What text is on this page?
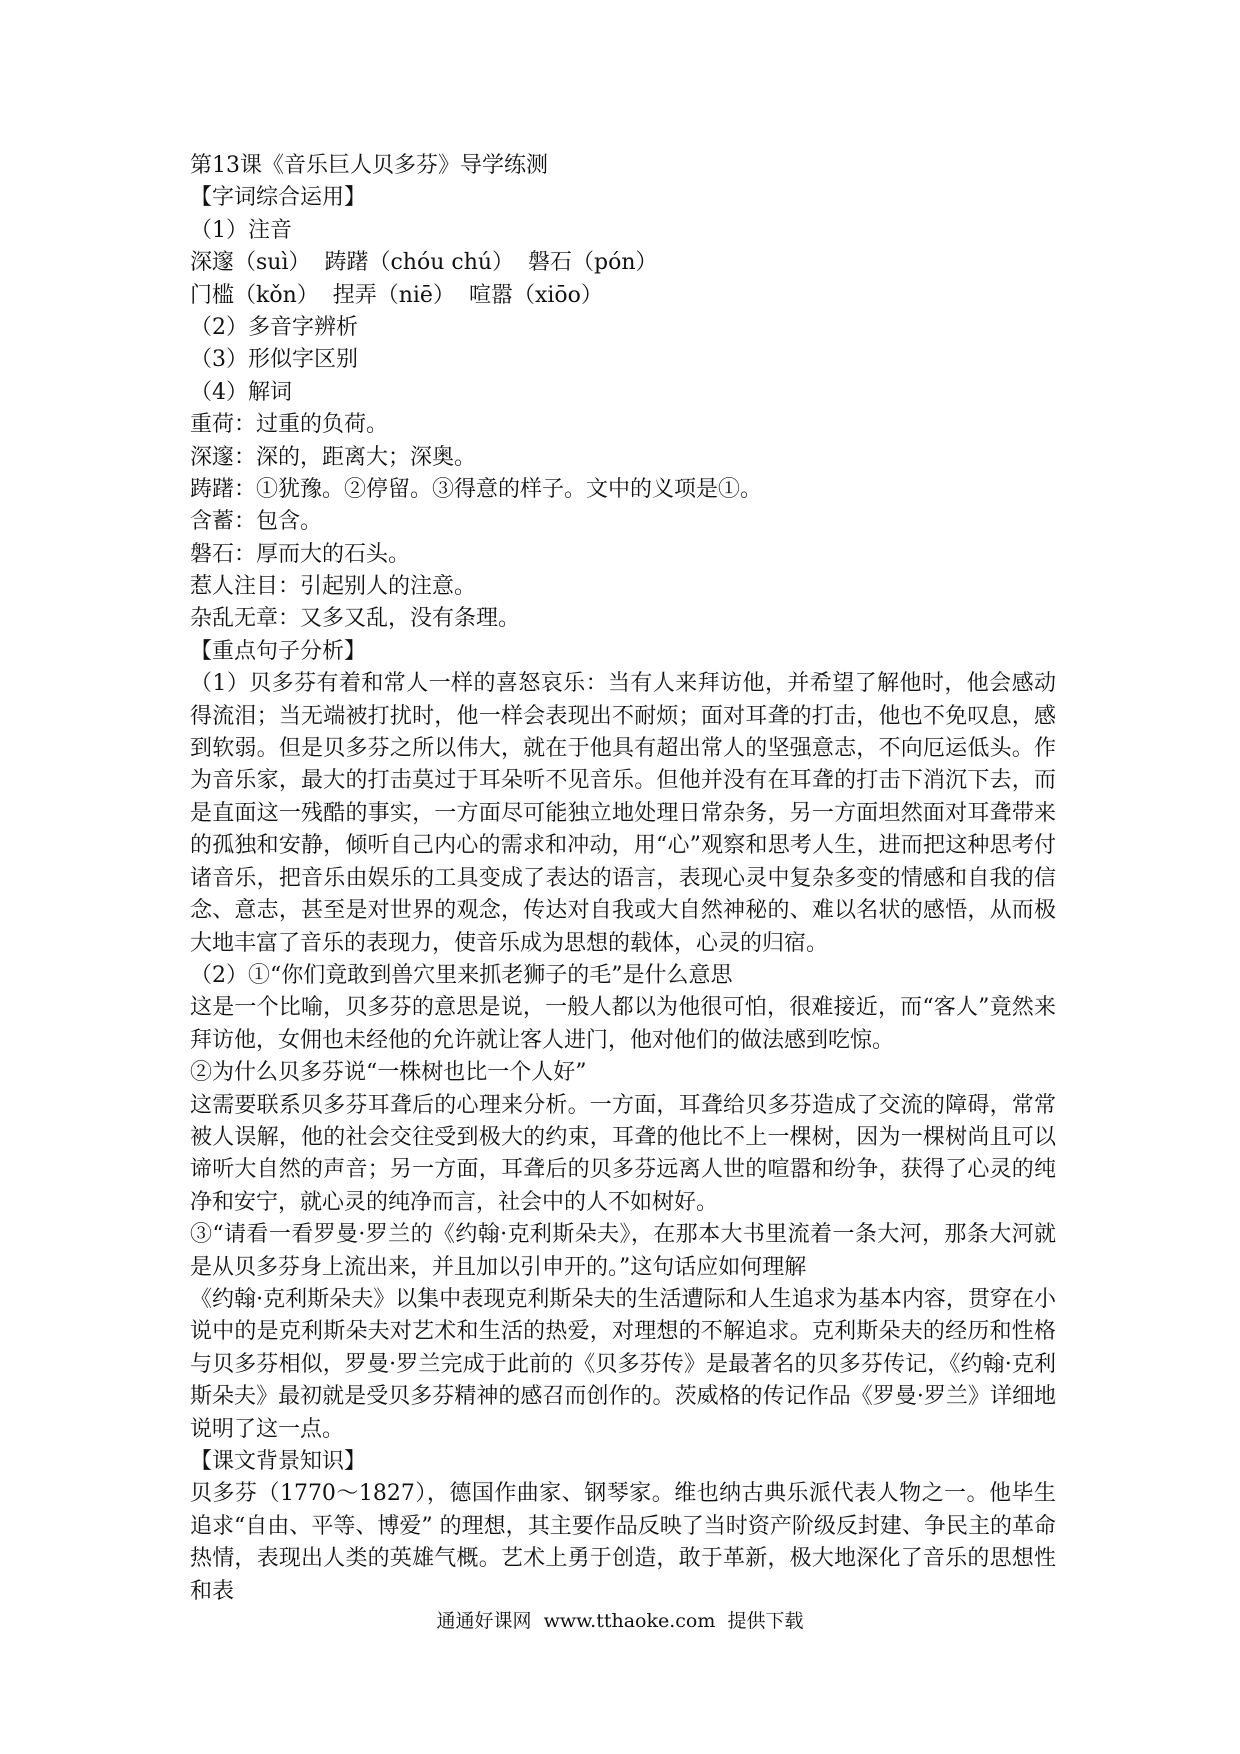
第13课《音乐巨人贝多芬》导学练测
【字词综合运用】
（1）注音
深邃（suì）  踌躇（chóu chú）  磐石（pón）
门槛（kǒn）  捏弄（niē）  喧嚣（xiōo）
（2）多音字辨析
（3）形似字区别
（4）解词
重荷：过重的负荷。
深邃：深的，距离大；深奥。
踌躇：①犹豫。②停留。③得意的样子。文中的义项是①。
含蓄：包含。
磐石：厚而大的石头。
惹人注目：引起别人的注意。
杂乱无章：又多又乱，没有条理。
【重点句子分析】
（1）贝多芬有着和常人一样的喜怒哀乐：当有人来拜访他，并希望了解他时，他会感动得流泪；当无端被打扰时，他一样会表现出不耐烦；面对耳聋的打击，他也不免叹息，感到软弱。但是贝多芬之所以伟大，就在于他具有超出常人的坚强意志，不向厄运低头。作为音乐家，最大的打击莫过于耳朵听不见音乐。但他并没有在耳聋的打击下消沉下去，而是直面这一残酷的事实，一方面尽可能独立地处理日常杂务，另一方面坦然面对耳聋带来的孤独和安静，倾听自己内心的需求和冲动，用“心”观察和思考人生，进而把这种思考付诸音乐，把音乐由娱乐的工具变成了表达的语言，表现心灵中复杂多变的情感和自我的信念、意志，甚至是对世界的观念，传达对自我或大自然神秘的、难以名状的感悟，从而极大地丰富了音乐的表现力，使音乐成为思想的载体，心灵的归宿。
（2）①“你们竟敢到兽穴里来抓老狮子的毛”是什么意思
这是一个比喻，贝多芬的意思是说，一般人都以为他很可怕，很难接近，而“客人”竟然来拜访他，女佣也未经他的允许就让客人进门，他对他们的做法感到吃惊。
②为什么贝多芬说“一株树也比一个人好”
这需要联系贝多芬耳聋后的心理来分析。一方面，耳聋给贝多芬造成了交流的障碍，常常被人误解，他的社会交往受到极大的约束，耳聋的他比不上一棵树，因为一棵树尚且可以谛听大自然的声音；另一方面，耳聋后的贝多芬远离人世的喧嚣和纷争，获得了心灵的纯净和安宁，就心灵的纯净而言，社会中的人不如树好。
③“请看一看罗曼·罗兰的《约翰·克利斯朵夫》，在那本大书里流着一条大河，那条大河就是从贝多芬身上流出来，并且加以引申开的。”这句话应如何理解
《约翰·克利斯朵夫》以集中表现克利斯朵夫的生活遭际和人生追求为基本内容，贯穿在小说中的是克利斯朵夫对艺术和生活的热爱，对理想的不解追求。克利斯朵夫的经历和性格与贝多芬相似，罗曼·罗兰完成于此前的《贝多芬传》是最著名的贝多芬传记，《约翰·克利斯朵夫》最初就是受贝多芬精神的感召而创作的。茨威格的传记作品《罗曼·罗兰》详细地说明了这一点。
【课文背景知识】
贝多芬（1770～1827），德国作曲家、钢琴家。维也纳古典乐派代表人物之一。他毕生追求“自由、平等、博爱” 的理想，其主要作品反映了当时资产阶级反封建、争民主的革命热情，表现出人类的英雄气概。艺术上勇于创造，敢于革新，极大地深化了音乐的思想性和表
通通好课网  www.tthaoke.com  提供下载
